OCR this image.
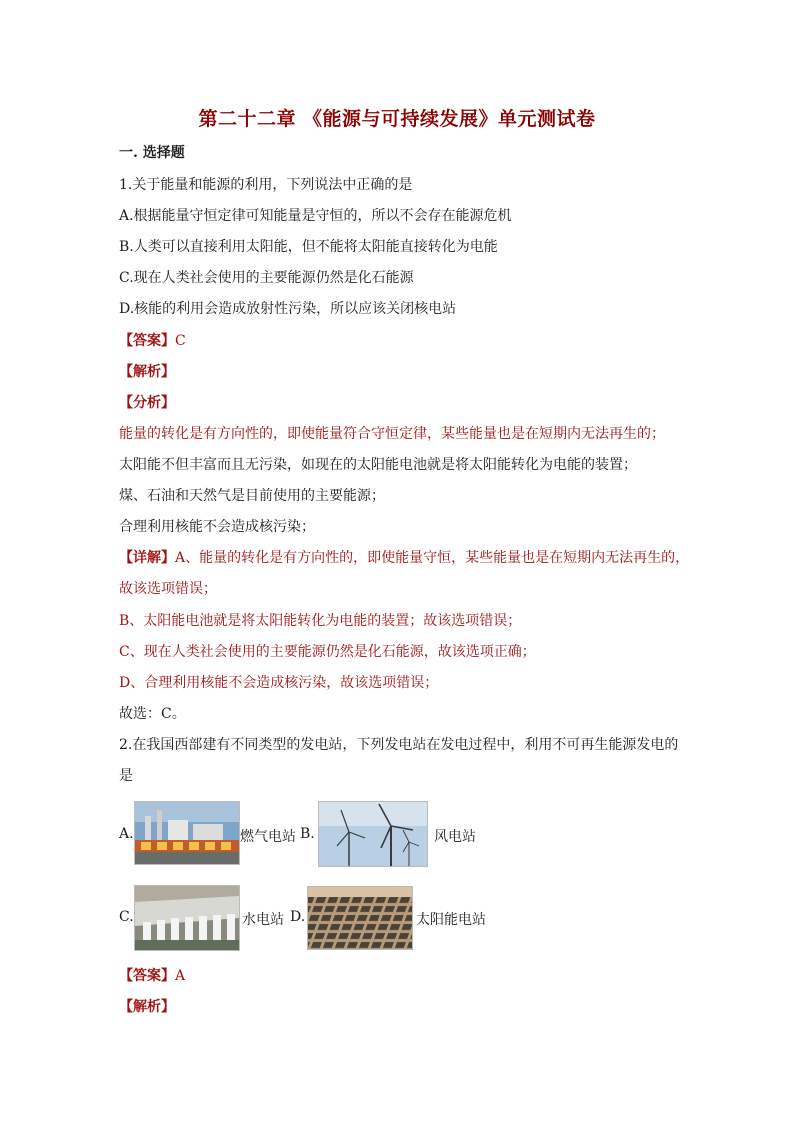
第二十二章 《能源与可持续发展》单元测试卷
一. 选择题
1.关于能量和能源的利用，下列说法中正确的是
A.根据能量守恒定律可知能量是守恒的，所以不会存在能源危机
B.人类可以直接利用太阳能，但不能将太阳能直接转化为电能
C.现在人类社会使用的主要能源仍然是化石能源
D.核能的利用会造成放射性污染，所以应该关闭核电站
【答案】C
【解析】
【分析】
能量的转化是有方向性的，即使能量符合守恒定律，某些能量也是在短期内无法再生的；
太阳能不但丰富而且无污染，如现在的太阳能电池就是将太阳能转化为电能的装置；
煤、石油和天然气是目前使用的主要能源；
合理利用核能不会造成核污染；
【详解】A、能量的转化是有方向性的，即使能量守恒，某些能量也是在短期内无法再生的，
故该选项错误；
B、太阳能电池就是将太阳能转化为电能的装置；故该选项错误；
C、现在人类社会使用的主要能源仍然是化石能源，故该选项正确；
D、合理利用核能不会造成核污染，故该选项错误；
故选：C。
2.在我国西部建有不同类型的发电站，下列发电站在发电过程中，利用不可再生能源发电的
是
A.	燃气电站 B.	风电站
C.	水电站 D.	太阳能电站
【答案】A
【解析】
